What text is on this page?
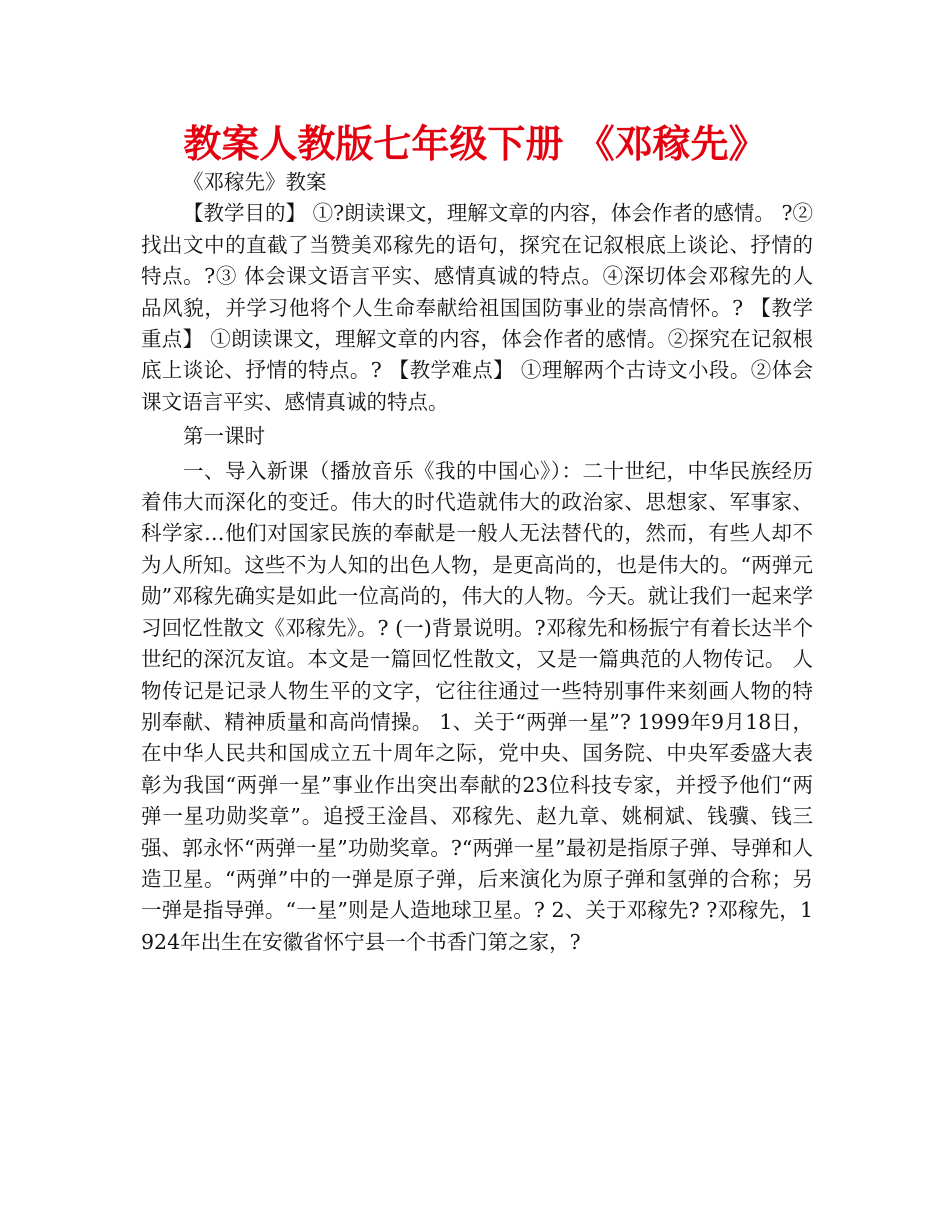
教案人教版七年级下册 《邓稼先》

《邓稼先》教案

【教学目的】 ①?朗读课文，理解文章的内容，体会作者的感情。 ?② 找出文中的直截了当赞美邓稼先的语句，探究在记叙根底上谈论、抒情的特点。?③ 体会课文语言平实、感情真诚的特点。④深切体会邓稼先的人品风貌，并学习他将个人生命奉献给祖国国防事业的崇高情怀。? 【教学重点】 ①朗读课文，理解文章的内容，体会作者的感情。②探究在记叙根底上谈论、抒情的特点。? 【教学难点】 ①理解两个古诗文小段。②体会课文语言平实、感情真诚的特点。

第一课时

一、导入新课（播放音乐《我的中国心》）：二十世纪，中华民族经历着伟大而深化的变迁。伟大的时代造就伟大的政治家、思想家、军事家、科学家…他们对国家民族的奉献是一般人无法替代的，然而，有些人却不为人所知。这些不为人知的出色人物，是更高尚的，也是伟大的。“两弹元勋”邓稼先确实是如此一位高尚的，伟大的人物。今天。就让我们一起来学习回忆性散文《邓稼先》。? (一)背景说明。?邓稼先和杨振宁有着长达半个世纪的深沉友谊。本文是一篇回忆性散文，又是一篇典范的人物传记。 人物传记是记录人物生平的文字，它往往通过一些特别事件来刻画人物的特别奉献、精神质量和高尚情操。 1、关于“两弹一星”? 1999年9月18日，在中华人民共和国成立五十周年之际，党中央、国务院、中央军委盛大表彰为我国“两弹一星”事业作出突出奉献的23位科技专家，并授予他们“两弹一星功勋奖章”。追授王淦昌、邓稼先、赵九章、姚桐斌、钱骥、钱三强、郭永怀“两弹一星”功勋奖章。?“两弹一星”最初是指原子弹、导弹和人造卫星。“两弹”中的一弹是原子弹，后来演化为原子弹和氢弹的合称；另一弹是指导弹。“一星”则是人造地球卫星。? 2、关于邓稼先? ?邓稼先，1924年出生在安徽省怀宁县一个书香门第之家，?
